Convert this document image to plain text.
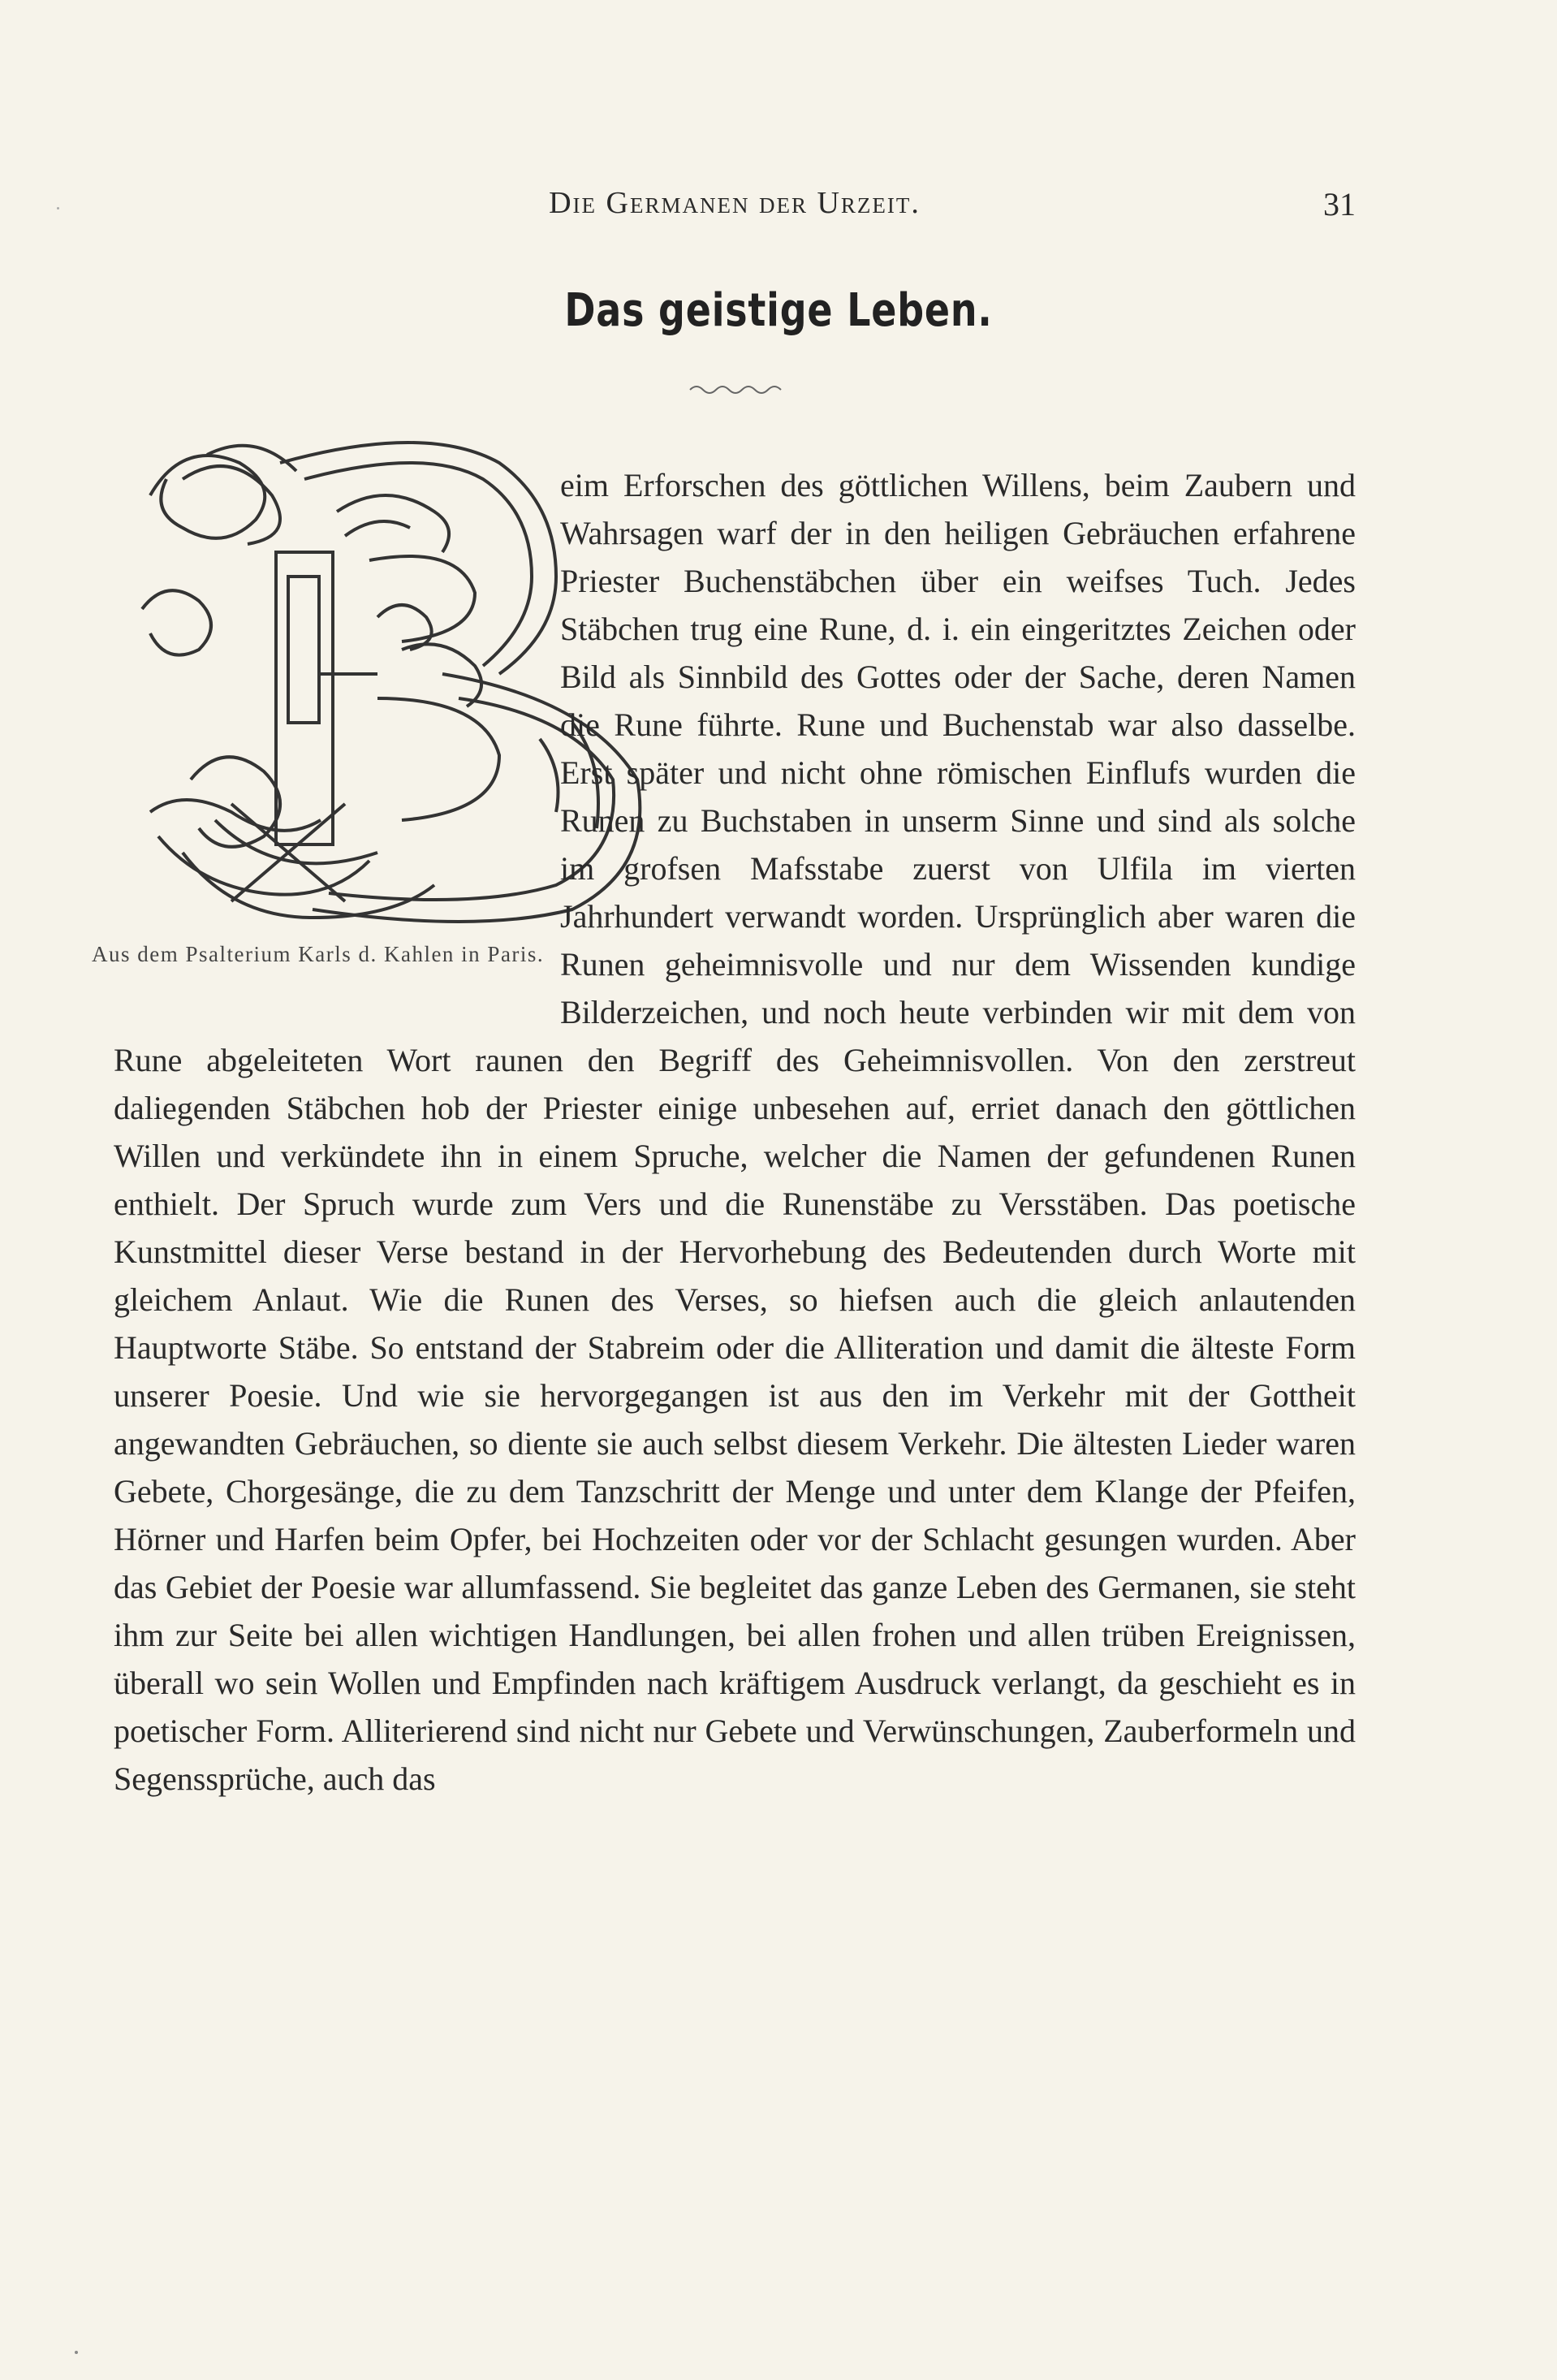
Die Germanen der Urzeit.	31
Das geistige Leben.
Aus dem Psalterium Karls d. Kahlen in Paris.
eim Erforschen des göttlichen Willens, beim Zaubern und Wahrsagen warf der in den heiligen Gebräuchen erfahrene Priester Buchenstäbchen über ein weifses Tuch. Jedes Stäbchen trug eine Rune, d. i. ein eingeritztes Zeichen oder Bild als Sinnbild des Gottes oder der Sache, deren Namen die Rune führte. Rune und Buchenstab war also dasselbe. Erst später und nicht ohne römischen Einflufs wurden die Runen zu Buchstaben in unserm Sinne und sind als solche im grofsen Mafsstabe zuerst von Ulfila im vierten Jahrhundert verwandt worden. Ursprünglich aber waren die Runen geheimnisvolle und nur dem Wissenden kundige Bilderzeichen, und noch heute verbinden wir mit dem von Rune abgeleiteten Wort raunen den Begriff des Geheimnisvollen. Von den zerstreut daliegenden Stäbchen hob der Priester einige unbesehen auf, erriet danach den göttlichen Willen und verkündete ihn in einem Spruche, welcher die Namen der gefundenen Runen enthielt. Der Spruch wurde zum Vers und die Runenstäbe zu Versstäben. Das poetische Kunstmittel dieser Verse bestand in der Hervorhebung des Bedeutenden durch Worte mit gleichem Anlaut. Wie die Runen des Verses, so hiefsen auch die gleich anlautenden Hauptworte Stäbe. So entstand der Stabreim oder die Alliteration und damit die älteste Form unserer Poesie. Und wie sie hervorgegangen ist aus den im Verkehr mit der Gottheit angewandten Gebräuchen, so diente sie auch selbst diesem Verkehr. Die ältesten Lieder waren Gebete, Chorgesänge, die zu dem Tanzschritt der Menge und unter dem Klange der Pfeifen, Hörner und Harfen beim Opfer, bei Hochzeiten oder vor der Schlacht gesungen wurden. Aber das Gebiet der Poesie war allumfassend. Sie begleitet das ganze Leben des Germanen, sie steht ihm zur Seite bei allen wichtigen Handlungen, bei allen frohen und allen trüben Ereignissen, überall wo sein Wollen und Empfinden nach kräftigem Ausdruck verlangt, da geschieht es in poetischer Form. Alliterierend sind nicht nur Gebete und Verwünschungen, Zauberformeln und Segenssprüche, auch das
